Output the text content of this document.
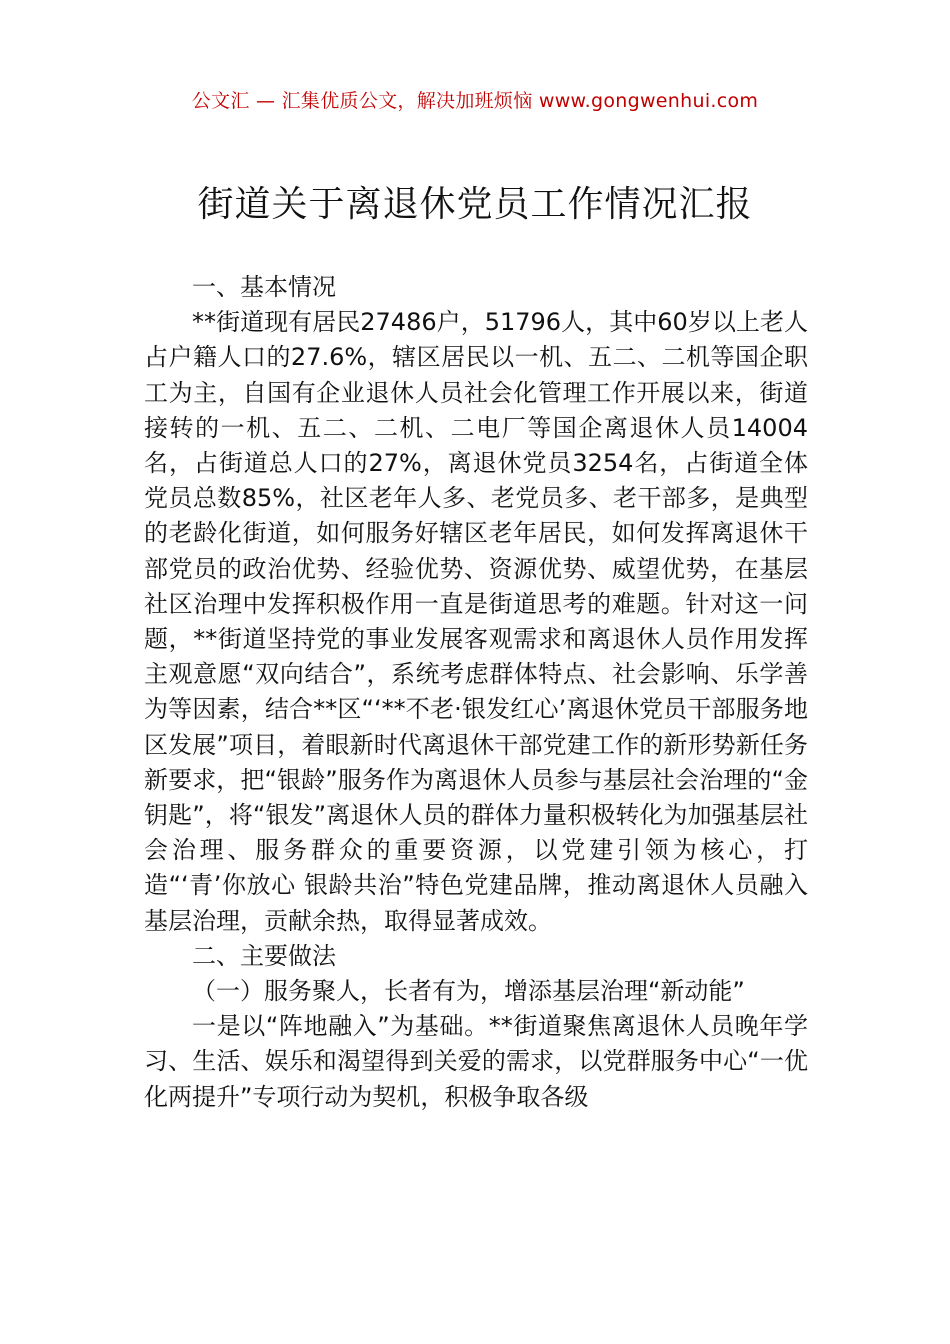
公文汇 — 汇集优质公文，解决加班烦恼 www.gongwenhui.com
街道关于离退休党员工作情况汇报

一、基本情况

**街道现有居民27486户，51796人，其中60岁以上老人占户籍人口的27.6%，辖区居民以一机、五二、二机等国企职工为主，自国有企业退休人员社会化管理工作开展以来，街道接转的一机、五二、二机、二电厂等国企离退休人员14004名，占街道总人口的27%，离退休党员3254名，占街道全体党员总数85%，社区老年人多、老党员多、老干部多，是典型的老龄化街道，如何服务好辖区老年居民，如何发挥离退休干部党员的政治优势、经验优势、资源优势、威望优势，在基层社区治理中发挥积极作用一直是街道思考的难题。针对这一问题，**街道坚持党的事业发展客观需求和离退休人员作用发挥主观意愿“双向结合”，系统考虑群体特点、社会影响、乐学善为等因素，结合**区“‘**不老·银发红心’离退休党员干部服务地区发展”项目，着眼新时代离退休干部党建工作的新形势新任务新要求，把“银龄”服务作为离退休人员参与基层社会治理的“金钥匙”，将“银发”离退休人员的群体力量积极转化为加强基层社会治理、服务群众的重要资源，以党建引领为核心，打造“‘青’你放心 银龄共治”特色党建品牌，推动离退休人员融入基层治理，贡献余热，取得显著成效。

二、主要做法

（一）服务聚人，长者有为，增添基层治理“新动能”

一是以“阵地融入”为基础。**街道聚焦离退休人员晚年学习、生活、娱乐和渴望得到关爱的需求，以党群服务中心“一优化两提升”专项行动为契机，积极争取各级
